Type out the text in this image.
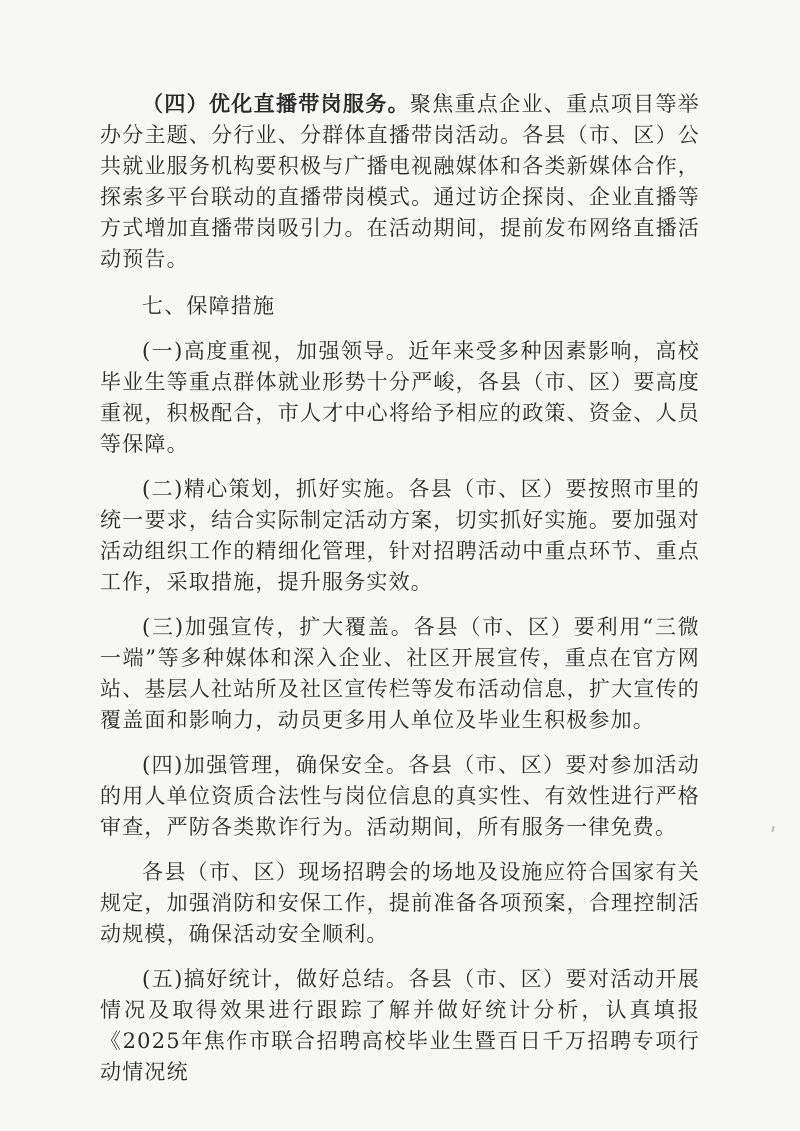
（四）优化直播带岗服务。聚焦重点企业、重点项目等举办分主题、分行业、分群体直播带岗活动。各县（市、区）公共就业服务机构要积极与广播电视融媒体和各类新媒体合作，探索多平台联动的直播带岗模式。通过访企探岗、企业直播等方式增加直播带岗吸引力。在活动期间，提前发布网络直播活动预告。

七、保障措施

(一)高度重视，加强领导。近年来受多种因素影响，高校毕业生等重点群体就业形势十分严峻，各县（市、区）要高度重视，积极配合，市人才中心将给予相应的政策、资金、人员等保障。

(二)精心策划，抓好实施。各县（市、区）要按照市里的统一要求，结合实际制定活动方案，切实抓好实施。要加强对活动组织工作的精细化管理，针对招聘活动中重点环节、重点工作，采取措施，提升服务实效。

(三)加强宣传，扩大覆盖。各县（市、区）要利用“三微一端”等多种媒体和深入企业、社区开展宣传，重点在官方网站、基层人社站所及社区宣传栏等发布活动信息，扩大宣传的覆盖面和影响力，动员更多用人单位及毕业生积极参加。

(四)加强管理，确保安全。各县（市、区）要对参加活动的用人单位资质合法性与岗位信息的真实性、有效性进行严格审查，严防各类欺诈行为。活动期间，所有服务一律免费。

各县（市、区）现场招聘会的场地及设施应符合国家有关规定，加强消防和安保工作，提前准备各项预案，合理控制活动规模，确保活动安全顺利。

(五)搞好统计，做好总结。各县（市、区）要对活动开展情况及取得效果进行跟踪了解并做好统计分析，认真填报《2025年焦作市联合招聘高校毕业生暨百日千万招聘专项行动情况统
